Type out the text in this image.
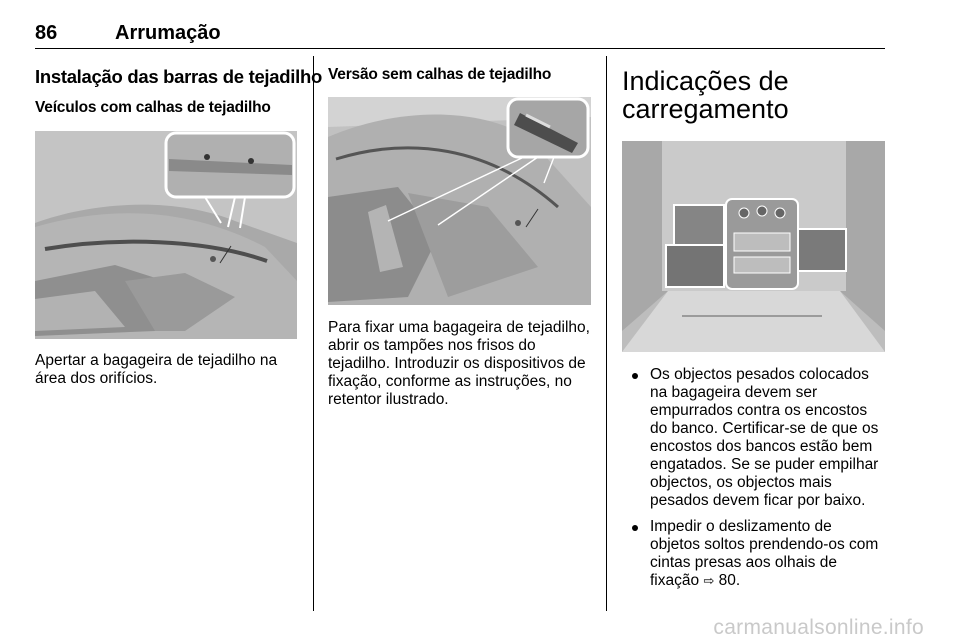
86	Arrumação
Instalação das barras de tejadilho
Veículos com calhas de tejadilho
Apertar a bagageira de tejadilho na área dos orifícios.
Versão sem calhas de tejadilho
Para fixar uma bagageira de tejadilho, abrir os tampões nos frisos do tejadilho. Introduzir os dispositivos de fixação, conforme as instruções, no retentor ilustrado.
Indicações de carregamento
Os objectos pesados colocados na bagageira devem ser empurrados contra os encostos do banco. Certificar-se de que os encostos dos bancos estão bem engatados. Se se puder empilhar objectos, os objectos mais pesados devem ficar por baixo.
Impedir o deslizamento de objetos soltos prendendo-os com cintas presas aos olhais de fixação ⇨ 80.
carmanualsonline.info
